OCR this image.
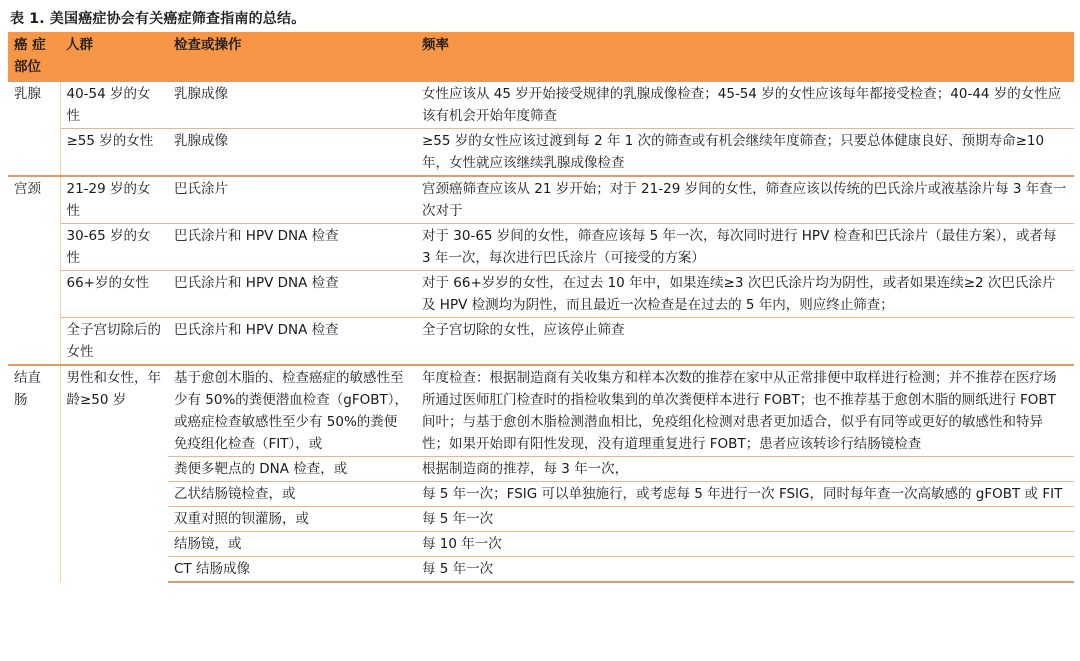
表 1. 美国癌症协会有关癌症筛查指南的总结。
癌 症
部位	人群	检查或操作	频率
乳腺	40-54 岁的女性	乳腺成像	女性应该从 45 岁开始接受规律的乳腺成像检查；45-54 岁的女性应该每年都接受检查；40-44 岁的女性应该有机会开始年度筛查
	≥55 岁的女性	乳腺成像	≥55 岁的女性应该过渡到每 2 年 1 次的筛查或有机会继续年度筛查；只要总体健康良好、预期寿命≥10 年，女性就应该继续乳腺成像检查
宫颈	21-29 岁的女性	巴氏涂片	宫颈癌筛查应该从 21 岁开始；对于 21-29 岁间的女性，筛查应该以传统的巴氏涂片或液基涂片每 3 年查一次对于
	30-65 岁的女性	巴氏涂片和 HPV DNA 检查	对于 30-65 岁间的女性，筛查应该每 5 年一次，每次同时进行 HPV 检查和巴氏涂片（最佳方案），或者每 3 年一次，每次进行巴氏涂片（可接受的方案）
	66+岁的女性	巴氏涂片和 HPV DNA 检查	对于 66+岁岁的女性，在过去 10 年中，如果连续≥3 次巴氏涂片均为阴性，或者如果连续≥2 次巴氏涂片及 HPV 检测均为阴性，而且最近一次检查是在过去的 5 年内，则应终止筛查；
	全子宫切除后的女性	巴氏涂片和 HPV DNA 检查	全子宫切除的女性，应该停止筛查
结直肠	男性和女性，年龄≥50 岁	基于愈创木脂的、检查癌症的敏感性至少有 50%的粪便潜血检查（gFOBT），或癌症检查敏感性至少有 50%的粪便免疫组化检查（FIT），或	年度检查：根据制造商有关收集方和样本次数的推荐在家中从正常排便中取样进行检测；并不推荐在医疗场所通过医师肛门检查时的指检收集到的单次粪便样本进行 FOBT；也不推荐基于愈创木脂的厕纸进行 FOBT 间叶；与基于愈创木脂检测潜血相比，免疫组化检测对患者更加适合，似乎有同等或更好的敏感性和特异性；如果开始即有阳性发现，没有道理重复进行 FOBT；患者应该转诊行结肠镜检查
		粪便多靶点的 DNA 检查，或	根据制造商的推荐，每 3 年一次，
		乙状结肠镜检查，或	每 5 年一次；FSIG 可以单独施行，或考虑每 5 年进行一次 FSIG，同时每年查一次高敏感的 gFOBT 或 FIT
		双重对照的钡灌肠，或	每 5 年一次
		结肠镜，或	每 10 年一次
		CT 结肠成像	每 5 年一次
